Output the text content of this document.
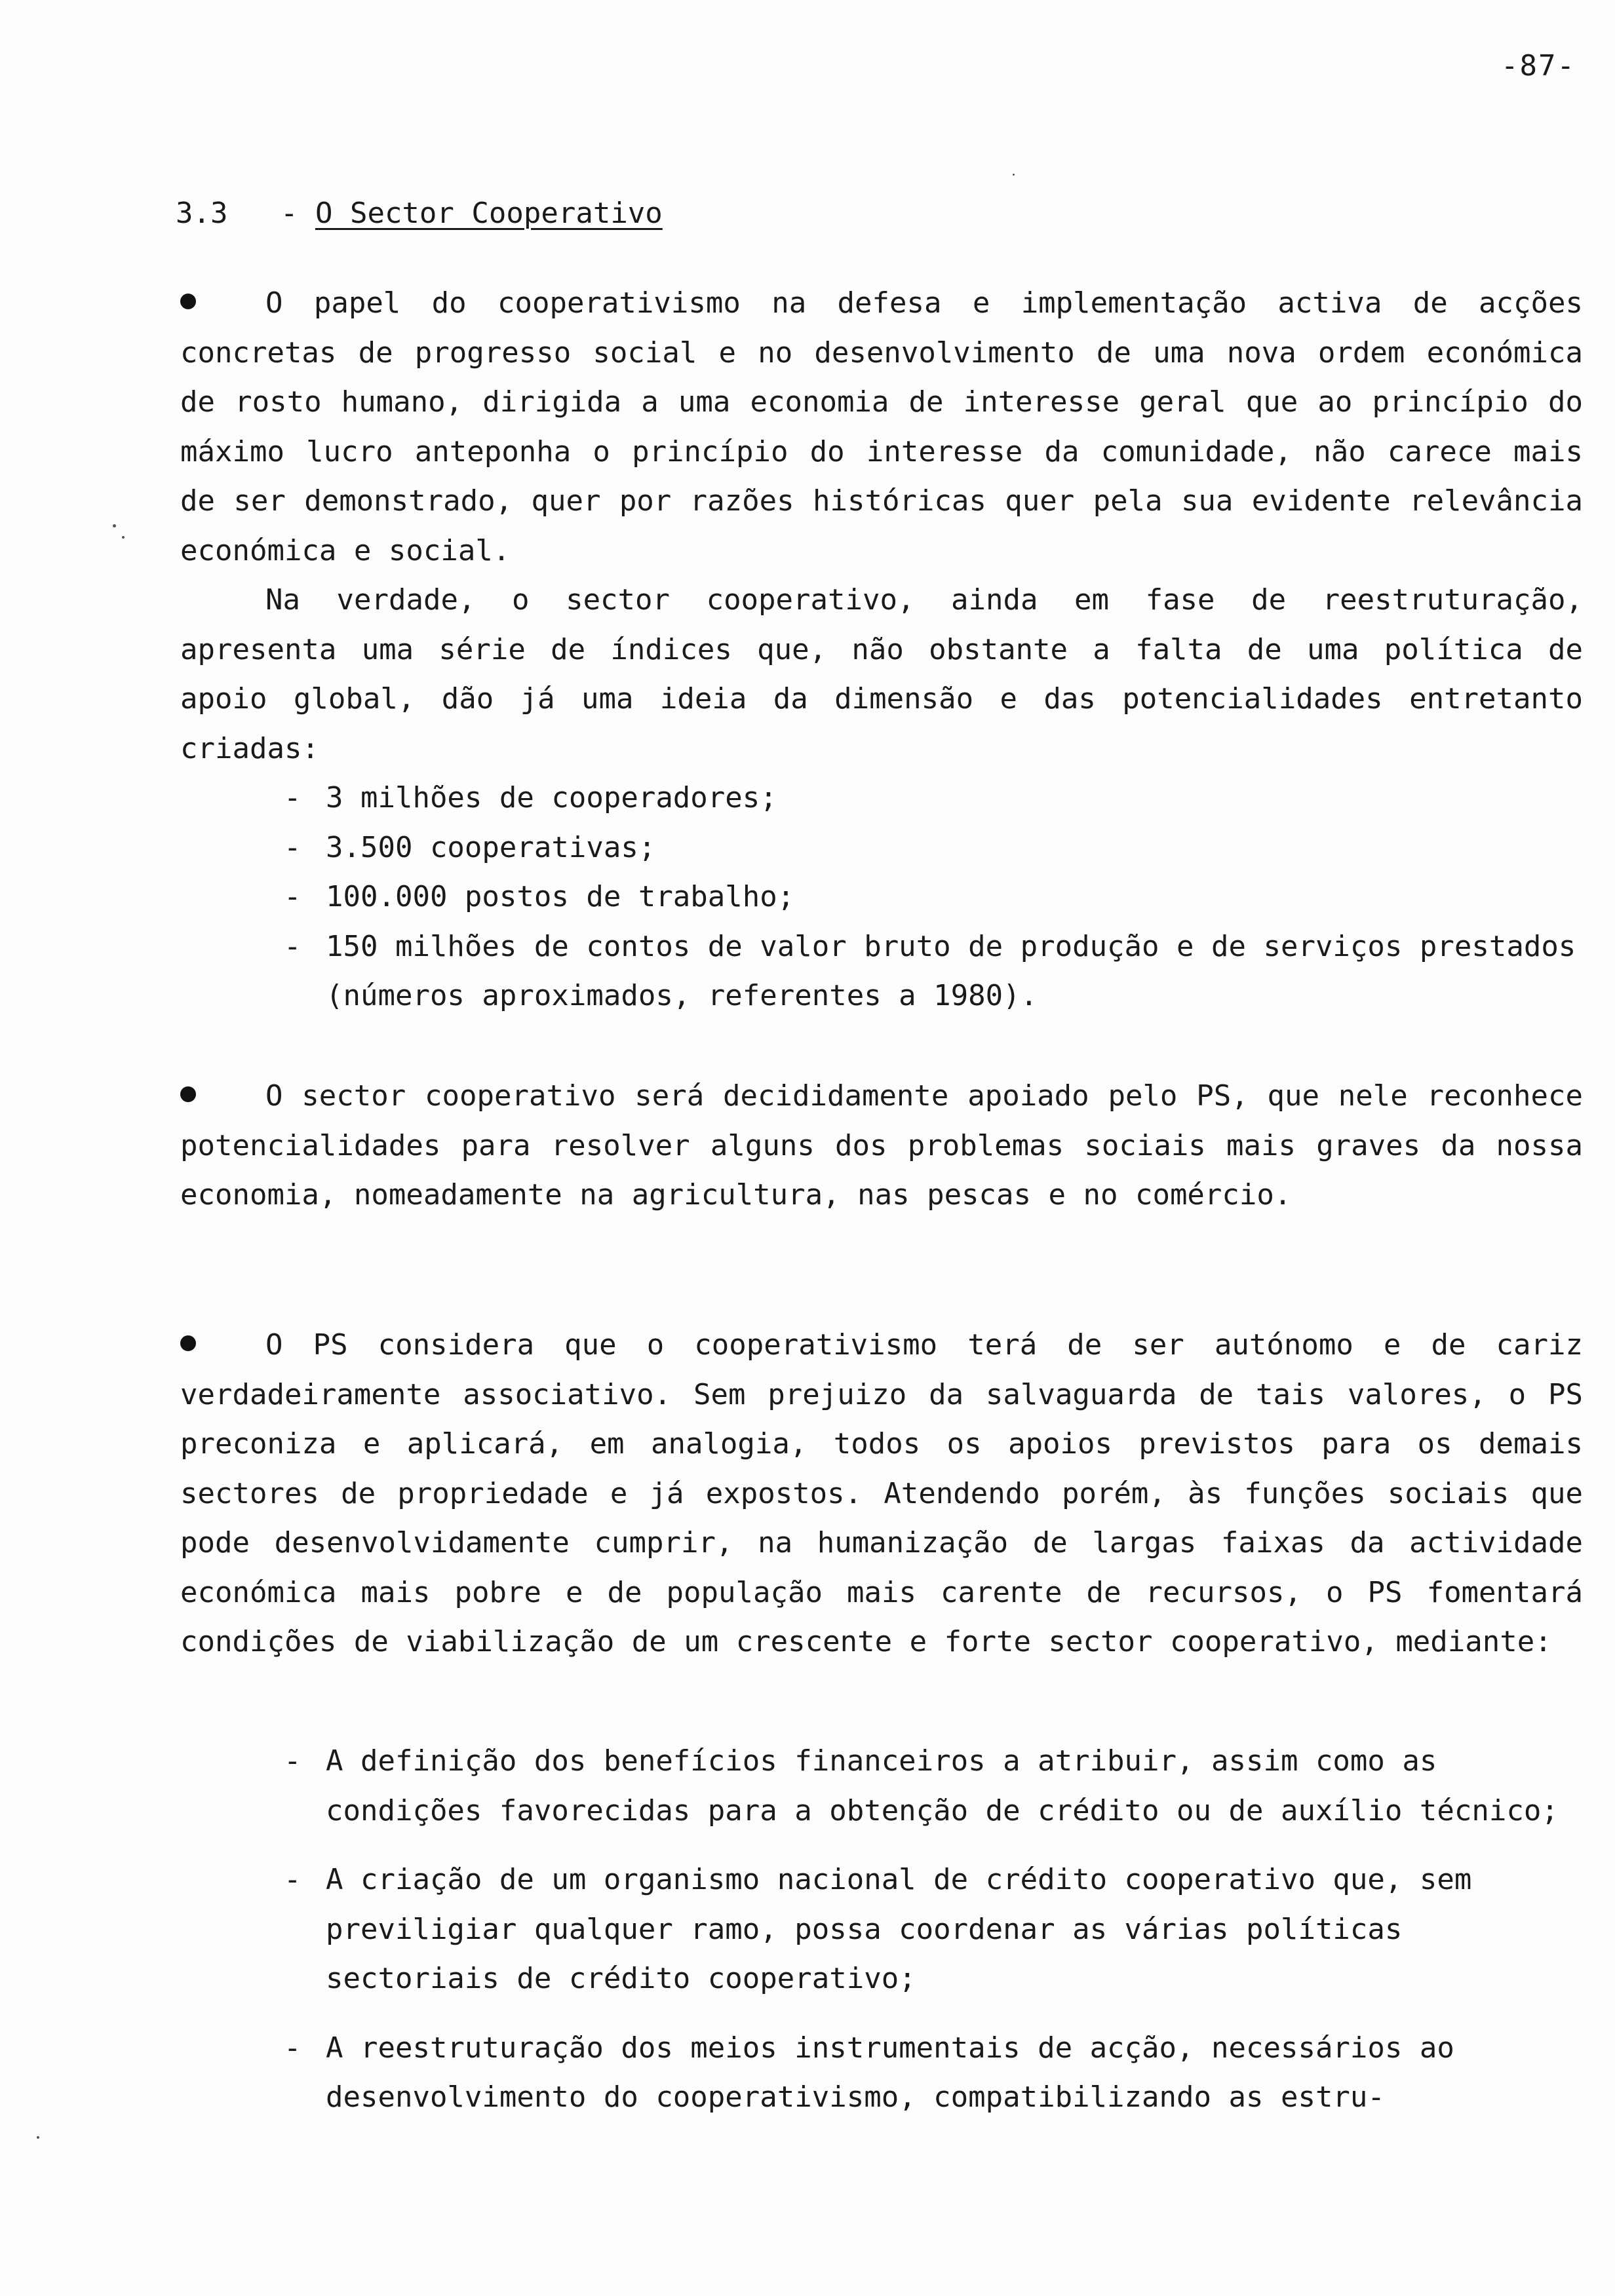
-87-
3.3 - O Sector Cooperativo

O papel do cooperativismo na defesa e implementação activa de acções concretas de progresso social e no desenvolvimento de uma nova ordem económica de rosto humano, dirigida a uma economia de interesse geral que ao princípio do máximo lucro anteponha o princípio do interesse da comunidade, não carece mais de ser demonstrado, quer por razões históricas quer pela sua evidente relevância económica e social.

Na verdade, o sector cooperativo, ainda em fase de reestruturação, apresenta uma série de índices que, não obstante a falta de uma política de apoio global, dão já uma ideia da dimensão e das potencialidades entretanto criadas:

- 3 milhões de cooperadores;
- 3.500 cooperativas;
- 100.000 postos de trabalho;
- 150 milhões de contos de valor bruto de produção e de serviços prestados (números aproximados, referentes a 1980).

O sector cooperativo será decididamente apoiado pelo PS, que nele reconhece potencialidades para resolver alguns dos problemas sociais mais graves da nossa economia, nomeadamente na agricultura, nas pescas e no comércio.

O PS considera que o cooperativismo terá de ser autónomo e de cariz verdadeiramente associativo. Sem prejuizo da salvaguarda de tais valores, o PS preconiza e aplicará, em analogia, todos os apoios previstos para os demais sectores de propriedade e já expostos. Atendendo porém, às funções sociais que pode desenvolvidamente cumprir, na humanização de largas faixas da actividade económica mais pobre e de população mais carente de recursos, o PS fomentará condições de viabilização de um crescente e forte sector cooperativo, mediante:

- A definição dos benefícios financeiros a atribuir, assim como as condições favorecidas para a obtenção de crédito ou de auxílio técnico;
- A criação de um organismo nacional de crédito cooperativo que, sem previligiar qualquer ramo, possa coordenar as várias políticas sectoriais de crédito cooperativo;
- A reestruturação dos meios instrumentais de acção, necessários ao desenvolvimento do cooperativismo, compatibilizando as estru-
